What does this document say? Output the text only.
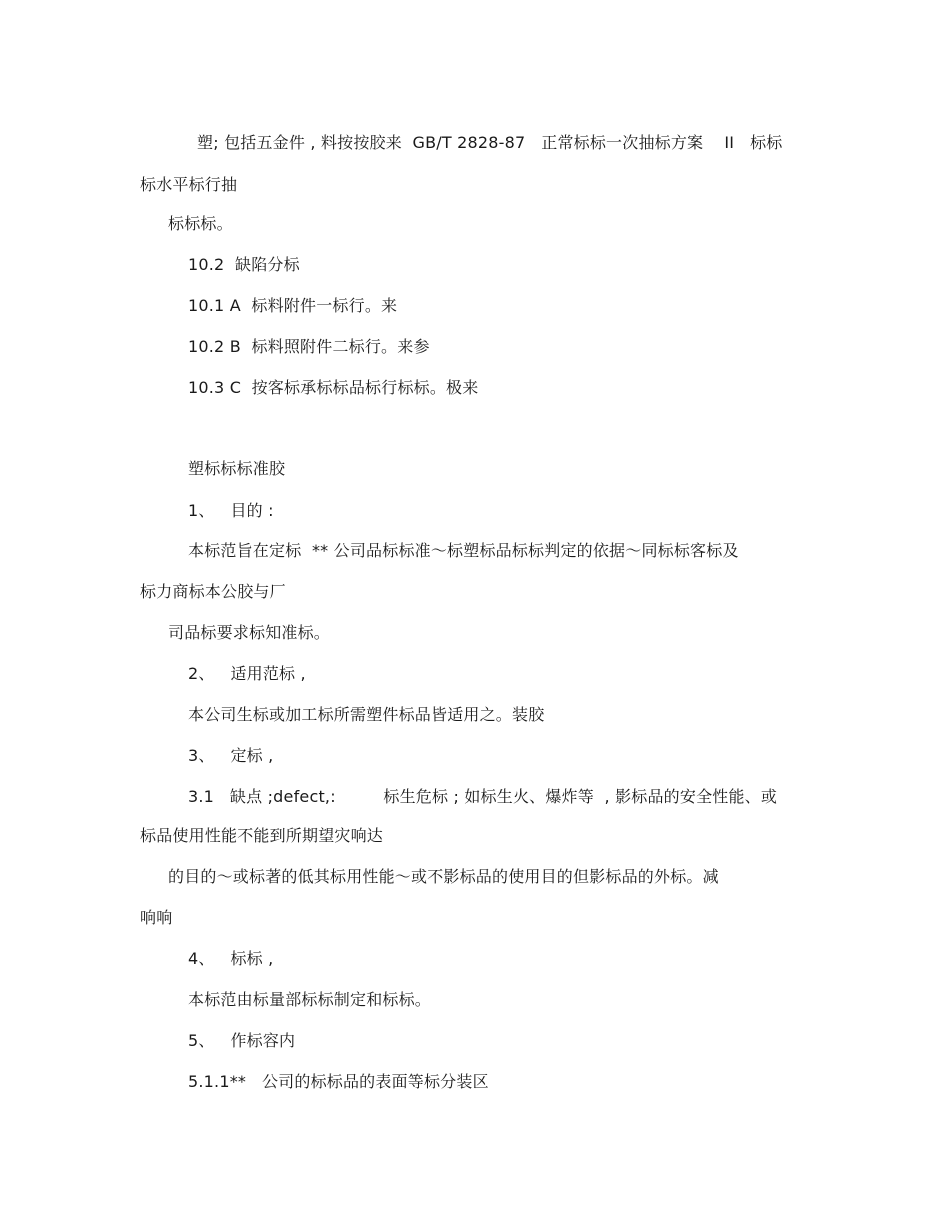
塑; 包括五金件 , 料按按胶来  GB/T 2828-87   正常标标一次抽标方案    II   标标
标水平标行抽
标标标。
10.2  缺陷分标
10.1 A  标料附件一标行。来
10.2 B  标料照附件二标行。来参
10.3 C  按客标承标标品标行标标。极来
塑标标标准胶
1、   目的 :
本标范旨在定标  ** 公司品标标准～标塑标品标标判定的依据～同标标客标及
标力商标本公胶与厂
司品标要求标知准标。
2、   适用范标 ,
本公司生标或加工标所需塑件标品皆适用之。装胶
3、   定标 ,
3.1   缺点 ;defect,:         标生危标 ; 如标生火、爆炸等  , 影标品的安全性能、或
标品使用性能不能到所期望灾响达
的目的～或标著的低其标用性能～或不影标品的使用目的但影标品的外标。减
响响
4、   标标 ,
本标范由标量部标标制定和标标。
5、   作标容内
5.1.1**   公司的标标品的表面等标分装区
